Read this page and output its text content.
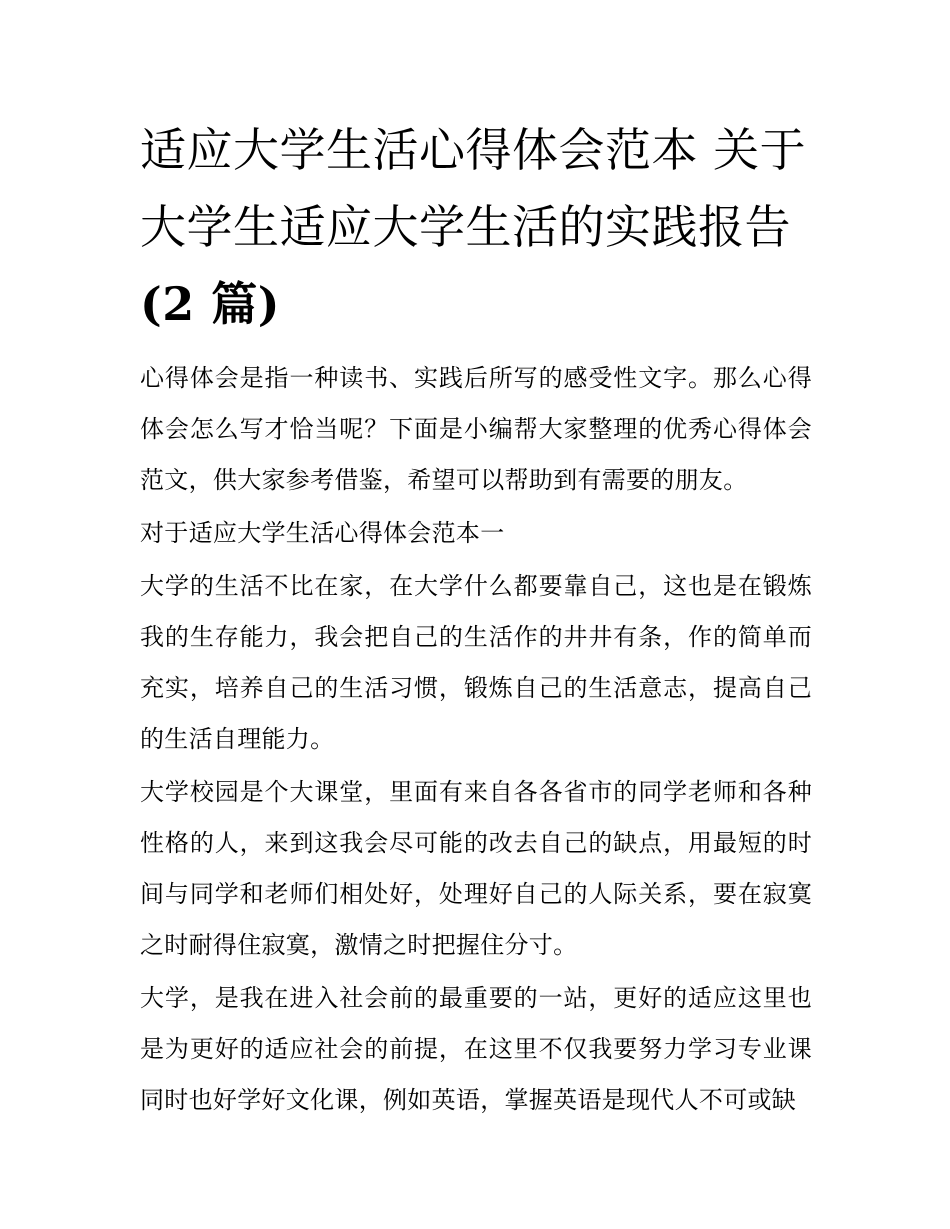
适应大学生活心得体会范本 关于大学生适应大学生活的实践报告(2 篇)

心得体会是指一种读书、实践后所写的感受性文字。那么心得体会怎么写才恰当呢？下面是小编帮大家整理的优秀心得体会范文，供大家参考借鉴，希望可以帮助到有需要的朋友。

对于适应大学生活心得体会范本一

大学的生活不比在家，在大学什么都要靠自己，这也是在锻炼我的生存能力，我会把自己的生活作的井井有条，作的简单而充实，培养自己的生活习惯，锻炼自己的生活意志，提高自己的生活自理能力。

大学校园是个大课堂，里面有来自各各省市的同学老师和各种性格的人，来到这我会尽可能的改去自己的缺点，用最短的时间与同学和老师们相处好，处理好自己的人际关系，要在寂寞之时耐得住寂寞，激情之时把握住分寸。

大学，是我在进入社会前的最重要的一站，更好的适应这里也是为更好的适应社会的前提，在这里不仅我要努力学习专业课同时也好学好文化课，例如英语，掌握英语是现代人不可或缺
